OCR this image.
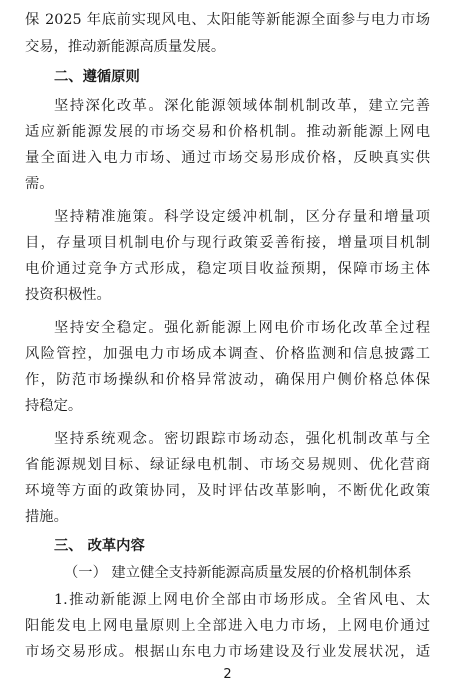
保 2025 年底前实现风电、太阳能等新能源全面参与电力市场
交易，推动新能源高质量发展。
二、遵循原则
坚持深化改革。深化能源领域体制机制改革，建立完善
适应新能源发展的市场交易和价格机制。推动新能源上网电
量全面进入电力市场、通过市场交易形成价格，反映真实供
需。
坚持精准施策。科学设定缓冲机制，区分存量和增量项
目，存量项目机制电价与现行政策妥善衔接，增量项目机制
电价通过竞争方式形成，稳定项目收益预期，保障市场主体
投资积极性。
坚持安全稳定。强化新能源上网电价市场化改革全过程
风险管控，加强电力市场成本调查、价格监测和信息披露工
作，防范市场操纵和价格异常波动，确保用户侧价格总体保
持稳定。
坚持系统观念。密切跟踪市场动态，强化机制改革与全
省能源规划目标、绿证绿电机制、市场交易规则、优化营商
环境等方面的政策协同，及时评估改革影响，不断优化政策
措施。
三、 改革内容
（一） 建立健全支持新能源高质量发展的价格机制体系
1.推动新能源上网电价全部由市场形成。全省风电、太
阳能发电上网电量原则上全部进入电力市场，上网电价通过
市场交易形成。根据山东电力市场建设及行业发展状况，适
2
